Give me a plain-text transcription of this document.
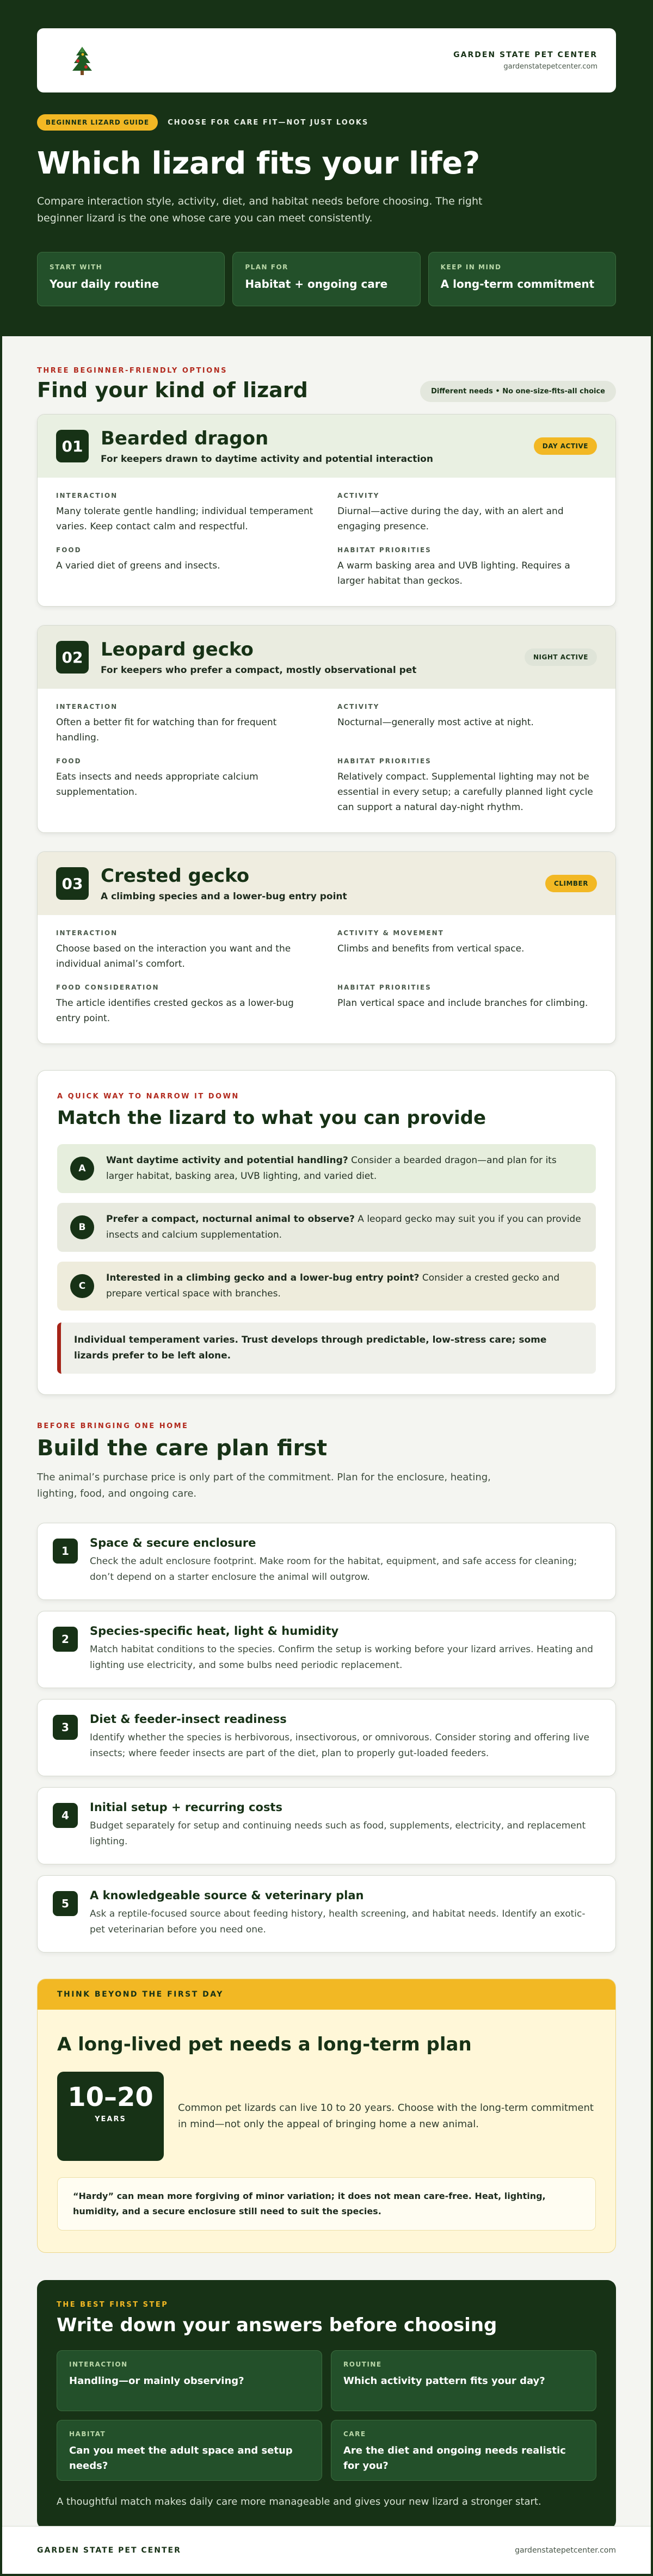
GARDEN STATE PET CENTER
gardenstatepetcenter.com
BEGINNER LIZARD GUIDE	CHOOSE FOR CARE FIT—NOT JUST LOOKS
Which lizard fits your life?

Compare interaction style, activity, diet, and habitat needs before choosing. The right beginner lizard is the one whose care you can meet consistently.

START WITH
Your daily routine
PLAN FOR
Habitat + ongoing care
KEEP IN MIND
A long-term commitment
THREE BEGINNER-FRIENDLY OPTIONS
Find your kind of lizard	Different needs • No one-size-fits-all choice
01 Bearded dragon
For keepers drawn to daytime activity and potential interaction
DAY ACTIVE
INTERACTION
Many tolerate gentle handling; individual temperament varies. Keep contact calm and respectful.
ACTIVITY
Diurnal—active during the day, with an alert and engaging presence.
FOOD
A varied diet of greens and insects.
HABITAT PRIORITIES
A warm basking area and UVB lighting. Requires a larger habitat than geckos.
02 Leopard gecko
For keepers who prefer a compact, mostly observational pet
NIGHT ACTIVE
INTERACTION
Often a better fit for watching than for frequent handling.
ACTIVITY
Nocturnal—generally most active at night.
FOOD
Eats insects and needs appropriate calcium supplementation.
HABITAT PRIORITIES
Relatively compact. Supplemental lighting may not be essential in every setup; a carefully planned light cycle can support a natural day-night rhythm.
03 Crested gecko
A climbing species and a lower-bug entry point
CLIMBER
INTERACTION
Choose based on the interaction you want and the individual animal’s comfort.
ACTIVITY & MOVEMENT
Climbs and benefits from vertical space.
FOOD CONSIDERATION
The article identifies crested geckos as a lower-bug entry point.
HABITAT PRIORITIES
Plan vertical space and include branches for climbing.
A QUICK WAY TO NARROW IT DOWN
Match the lizard to what you can provide
A
Want daytime activity and potential handling? Consider a bearded dragon—and plan for its larger habitat, basking area, UVB lighting, and varied diet.
B
Prefer a compact, nocturnal animal to observe? A leopard gecko may suit you if you can provide insects and calcium supplementation.
C
Interested in a climbing gecko and a lower-bug entry point? Consider a crested gecko and prepare vertical space with branches.
Individual temperament varies. Trust develops through predictable, low-stress care; some lizards prefer to be left alone.
BEFORE BRINGING ONE HOME
Build the care plan first

The animal’s purchase price is only part of the commitment. Plan for the enclosure, heating, lighting, food, and ongoing care.

1
Space & secure enclosure
Check the adult enclosure footprint. Make room for the habitat, equipment, and safe access for cleaning; don’t depend on a starter enclosure the animal will outgrow.
2
Species-specific heat, light & humidity
Match habitat conditions to the species. Confirm the setup is working before your lizard arrives. Heating and lighting use electricity, and some bulbs need periodic replacement.
3
Diet & feeder-insect readiness
Identify whether the species is herbivorous, insectivorous, or omnivorous. Consider storing and offering live insects; where feeder insects are part of the diet, plan to properly gut-loaded feeders.
4
Initial setup + recurring costs
Budget separately for setup and continuing needs such as food, supplements, electricity, and replacement lighting.
5
A knowledgeable source & veterinary plan
Ask a reptile-focused source about feeding history, health screening, and habitat needs. Identify an exotic-pet veterinarian before you need one.
THINK BEYOND THE FIRST DAY
A long-lived pet needs a long-term plan
10–20
YEARS

Common pet lizards can live 10 to 20 years. Choose with the long-term commitment in mind—not only the appeal of bringing home a new animal.

“Hardy” can mean more forgiving of minor variation; it does not mean care-free. Heat, lighting, humidity, and a secure enclosure still need to suit the species.
THE BEST FIRST STEP
Write down your answers before choosing
INTERACTION
Handling—or mainly observing?
ROUTINE
Which activity pattern fits your day?
HABITAT
Can you meet the adult space and setup needs?
CARE
Are the diet and ongoing needs realistic for you?

A thoughtful match makes daily care more manageable and gives your new lizard a stronger start.

GARDEN STATE PET CENTER	gardenstatepetcenter.com
